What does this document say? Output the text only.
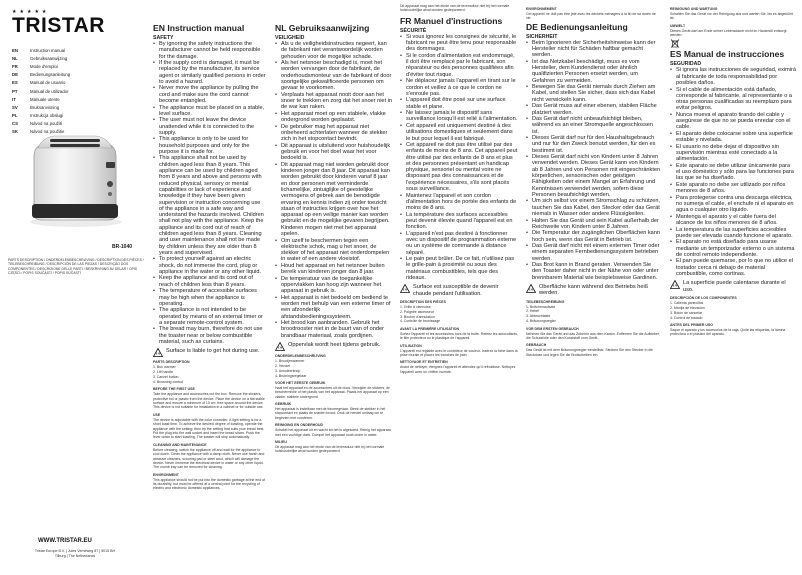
★★★★★
TRISTAR
EN	Instruction manual
NL	Gebruiksaanwijzing
FR	Mode d'emploi
DE	Bedienungsanleitung
ES	Manual de usuario
PT	Manual de utilizador
IT	Manuale utente
SV	Bruksanvisning
PL	Instrukcja obsługi
CS	Návod na použití
SK	Návod na použitie
BR-1040
PARTS DESCRIPTION / ONDERDELENBESCHRIJVING / DESCRIPTION DES PIÈCES / TEILEBESCHREIBUNG / DESCRIPCIÓN DE LAS PIEZAS / DESCRIÇÃO DOS COMPONENTES / DESCRIZIONE DELLE PARTI / BESKRIVNING AV DELAR / OPIS CZĘŚCI / POPIS SOUČÁSTÍ / POPIS SÚČASTÍ
WWW.TRISTAR.EU
Tristar Europe B.V. | Jules Verneweg 87 | 5015 BH Tilburg | The Netherlands
EN Instruction manual
SAFETY
• By ignoring the safety instructions the manufacturer cannot be held responsible for the damage.
• If the supply cord is damaged, it must be replaced by the manufacturer, its service agent or similarly qualified persons in order to avoid a hazard.
• Never move the appliance by pulling the cord and make sure the cord cannot become entangled.
• The appliance must be placed on a stable, level surface.
• The user must not leave the device unattended while it is connected to the supply.
• This appliance is only to be used for household purposes and only for the purpose it is made for.
• This appliance shall not be used by children aged less than 8 years. This appliance can be used by children aged from 8 years and above and persons with reduced physical, sensory or mental capabilities or lack of experience and knowledge if they have been given supervision or instruction concerning use of the appliance in a safe way and understand the hazards involved. Children shall not play with the appliance. Keep the appliance and its cord out of reach of children aged less than 8 years. Cleaning and user maintenance shall not be made by children unless they are older than 8 years and supervised.
• To protect yourself against an electric shock, do not immerse the cord, plug or appliance in the water or any other liquid.
• Keep the appliance and its cord out of reach of children less than 8 years.
• The temperature of accessible surfaces may be high when the appliance is operating.
• The appliance is not intended to be operated by means of an external timer or a separate remote-control system.
• The bread may burn, therefore do not use the toaster near or below combustible material, such as curtains.
Surface is liable to get hot during use.

PARTS DESCRIPTION

1. Bun warmer

2. Lift handle

3. Cancel button

4. Browning control

BEFORE THE FIRST USE

Take the appliance and accessories out the box. Remove the stickers, protective foil or plastic from the device. Place the device on a flat stable surface and ensure a minimum of 10 cm. free space around the device. This device is not suitable for installation in a cabinet or for outside use.

USE

The device is adjustable with the color controller. A light setting is for a short toast time. To achieve the desired degree of toasting, operate the appliance with the setting; then try the setting that suits your bread best. Put the plug into the wall socket and insert the bread slices. Push the lever down to start toasting. The toaster will stop automatically.

CLEANING AND MAINTENANCE

Before cleaning, switch the appliance off and wait for the appliance to cool down. Clean the appliance with a damp cloth. Never use harsh and abrasive cleaners, scouring pad or steel wool, which will damage the device. Never immerse the electrical device in water or any other liquid. The crumb tray can be removed for cleaning.

ENVIRONMENT

This appliance should not be put into the domestic garbage at the end of its durability, but must be offered at a central point for the recycling of electric and electronic domestic appliances.

NL Gebruiksaanwijzing
VEILIGHEID
• Als u de veiligheidsinstructies negeert, kan de fabrikant niet verantwoordelijk worden gehouden voor de mogelijke schade.
• Als het netsnoer beschadigd is, moet het worden vervangen door de fabrikant, de onderhoudsmonteur van de fabrikant of door soortgelijke gekwalificeerde personen om gevaar te voorkomen.
• Verplaats het apparaat nooit door aan het snoer te trekken en zorg dat het snoer niet in de war kan raken.
• Het apparaat moet op een stabiele, vlakke ondergrond worden geplaatst.
• De gebruiker mag het apparaat niet onbeheerd achterlaten wanneer de stekker zich in het stopcontact bevindt.
• Dit apparaat is uitsluitend voor huishoudelijk gebruik en voor het doel waar het voor bedoeld is.
• Dit apparaat mag niet worden gebruikt door kinderen jonger dan 8 jaar. Dit apparaat kan worden gebruikt door kinderen vanaf 8 jaar en door personen met verminderde lichamelijke, zintuiglijke of geestelijke vermogens of gebrek aan de benodigde ervaring en kennis indien zij onder toezicht staan of instructies krijgen over hoe het apparaat op een veilige manier kan worden gebruikt en de mogelijke gevaren begrijpen. Kinderen mogen niet met het apparaat spelen.
• Om uzelf te beschermen tegen een elektrische schok, mag u het snoer, de stekker of het apparaat niet onderdompelen in water of een andere vloeistof.
• Houd het apparaat en het netsnoer buiten bereik van kinderen jonger dan 8 jaar.
• De temperatuur van de toegankelijke oppervlakken kan hoog zijn wanneer het apparaat in gebruik is.
• Het apparaat is niet bedoeld om bediend te worden met behulp van een externe timer of een afzonderlijk afstandsbedieningssysteem.
• Het brood kan aanbranden. Gebruik het broodrooster niet in de buurt van of onder brandbaar materiaal, zoals gordijnen.
Oppervlak wordt heet tijdens gebruik.

ONDERDELENBESCHRIJVING

1. Broodjeswarmer

2. Hendel

3. Annuleerknop

4. Bruiningsregelaar

VOOR HET EERSTE GEBRUIK

Haal het apparaat en de accessoires uit de doos. Verwijder de stickers, de beschermfolie of het plastic van het apparaat. Plaats het apparaat op een vlakke, stabiele ondergrond.

GEBRUIK

Het apparaat is instelbaar met de kleurregelaar. Steek de stekker in het stopcontact en plaats de sneden brood. Druk de hendel omlaag om te beginnen met roosteren.

REINIGING EN ONDERHOUD

Schakel het apparaat uit en wacht tot het is afgekoeld. Reinig het apparaat met een vochtige doek. Dompel het apparaat nooit onder in water.

MILIEU

Dit apparaat mag aan het einde van de levensduur niet bij het normale huishoudelijke afval worden gedeponeerd.

Dit apparaat mag aan het einde van de levensduur niet bij het normale huishoudelijke afval worden gedeponeerd.

FR Manuel d'instructions
SÉCURITÉ
• Si vous ignorez les consignes de sécurité, le fabricant ne peut être tenu pour responsable des dommages.
• Si le cordon d'alimentation est endommagé, il doit être remplacé par le fabricant, son réparateur ou des personnes qualifiées afin d'éviter tout risque.
• Ne déplacez jamais l'appareil en tirant sur le cordon et veillez à ce que le cordon ne s'enroule pas.
• L'appareil doit être posé sur une surface stable et plane.
• Ne laissez jamais le dispositif sans surveillance lorsqu'il est relié à l'alimentation.
• Cet appareil est uniquement destiné à des utilisations domestiques et seulement dans le but pour lequel il est fabriqué.
• Cet appareil ne doit pas être utilisé par des enfants de moins de 8 ans. Cet appareil peut être utilisé par des enfants de 8 ans et plus et des personnes présentant un handicap physique, sensoriel ou mental voire ne disposant pas des connaissances et de l'expérience nécessaires, s'ils sont placés sous surveillance.
• Maintenez l'appareil et son cordon d'alimentation hors de portée des enfants de moins de 8 ans.
• La température des surfaces accessibles peut devenir élevée quand l'appareil est en fonction.
• L'appareil n'est pas destiné à fonctionner avec un dispositif de programmation externe ou un système de commande à distance séparé.
• Le pain peut brûler. De ce fait, n'utilisez pas le grille-pain à proximité ou sous des matériaux combustibles, tels que des rideaux.
Surface est susceptible de devenir chaude pendant l'utilisation.

DESCRIPTION DES PIÈCES

1. Grille à viennoise

2. Poignée ascenseur

3. Bouton d'annulation

4. Contrôle de brunissage

AVANT LA PREMIÈRE UTILISATION

Sortez l'appareil et les accessoires hors de la boîte. Retirez les autocollants, le film protecteur ou le plastique de l'appareil.

UTILISATION

L'appareil est réglable avec le contrôleur de couleur. Insérez la fiche dans la prise murale et placez les tranches de pain.

NETTOYAGE ET ENTRETIEN

Avant de nettoyer, éteignez l'appareil et attendez qu'il refroidisse. Nettoyez l'appareil avec un chiffon humide.

ENVIRONNEMENT

Cet appareil ne doit pas être jeté avec les déchets ménagers à la fin de sa durée de vie.

DE Bedienungsanleitung
SICHERHEIT
• Beim Ignorieren der Sicherheitshinweise kann der Hersteller nicht für Schäden haftbar gemacht werden.
• Ist das Netzkabel beschädigt, muss es vom Hersteller, dem Kundendienst oder ähnlich qualifizierten Personen ersetzt werden, um Gefahren zu vermeiden.
• Bewegen Sie das Gerät niemals durch Ziehen am Kabel, und stellen Sie sicher, dass sich das Kabel nicht verwickeln kann.
• Das Gerät muss auf einer ebenen, stabilen Fläche platziert werden.
• Das Gerät darf nicht unbeaufsichtigt bleiben, während es an einer Stromquelle angeschlossen ist.
• Dieses Gerät darf nur für den Haushaltsgebrauch und nur für den Zweck benutzt werden, für den es bestimmt ist.
• Dieses Gerät darf nicht von Kindern unter 8 Jahren verwendet werden. Dieses Gerät kann von Kindern ab 8 Jahren und von Personen mit eingeschränkten körperlichen, sensorischen oder geistigen Fähigkeiten oder einem Mangel an Erfahrung und Kenntnissen verwendet werden, sofern diese Personen beaufsichtigt werden.
• Um sich selbst vor einem Stromschlag zu schützen, tauchen Sie das Kabel, den Stecker oder das Gerät niemals in Wasser oder andere Flüssigkeiten.
• Halten Sie das Gerät und sein Kabel außerhalb der Reichweite von Kindern unter 8 Jahren.
• Die Temperatur der zugänglichen Oberflächen kann hoch sein, wenn das Gerät in Betrieb ist.
• Das Gerät darf nicht mit einem externen Timer oder einem separaten Fernbedienungssystem betrieben werden.
• Das Brot kann in Brand geraten. Verwenden Sie den Toaster daher nicht in der Nähe von oder unter brennbarem Material wie beispielsweise Gardinen.
Oberfläche kann während des Betriebs heiß werden.

TEILEBESCHREIBUNG

1. Brötchenaufsatz

2. Hebel

3. Abbruchtaste

4. Bräunungsregler

VOR DEM ERSTEN GEBRAUCH

Nehmen Sie das Gerät und das Zubehör aus dem Karton. Entfernen Sie die Aufkleber, die Schutzfolie oder den Kunststoff vom Gerät.

GEBRAUCH

Das Gerät ist mit dem Bräunungsregler einstellbar. Stecken Sie den Stecker in die Steckdose und legen Sie die Brotscheiben ein.

REINIGUNG UND WARTUNG

Schalten Sie das Gerät vor der Reinigung aus und warten Sie, bis es abgekühlt ist.

UMWELT

Dieses Gerät darf am Ende seiner Lebensdauer nicht im Hausmüll entsorgt werden.

ES Manual de instrucciones
SEGURIDAD
• Si ignora las instrucciones de seguridad, eximirá al fabricante de toda responsabilidad por posibles daños.
• Si el cable de alimentación está dañado, corresponde al fabricante, al representante o a otras personas cualificadas su reemplazo para evitar peligros.
• Nunca mueva el aparato tirando del cable y asegúrese de que no se pueda enredar con el cable.
• El aparato debe colocarse sobre una superficie estable y nivelada.
• El usuario no debe dejar el dispositivo sin supervisión mientras esté conectado a la alimentación.
• Este aparato se debe utilizar únicamente para el uso doméstico y sólo para las funciones para las que se ha diseñado.
• Este aparato no debe ser utilizado por niños menores de 8 años.
• Para protegerse contra una descarga eléctrica, no sumerja el cable, el enchufe ni el aparato en agua o cualquier otro líquido.
• Mantenga el aparato y el cable fuera del alcance de los niños menores de 8 años.
• La temperatura de las superficies accesibles puede ser elevada cuando funcione el aparato.
• El aparato no está diseñado para usarse mediante un temporizador externo o un sistema de control remoto independiente.
• El pan puede quemarse, por lo que no utilice el tostador cerca ni debajo de material combustible, como cortinas.
La superficie puede calentarse durante el uso.

DESCRIPCIÓN DE LOS COMPONENTES

1. Calienta panecillos

2. Manija de elevación

3. Botón de cancelar

4. Control de tostado

ANTES DEL PRIMER USO

Saque el aparato y los accesorios de la caja. Quite las etiquetas, la lámina protectora o el plástico del aparato.
